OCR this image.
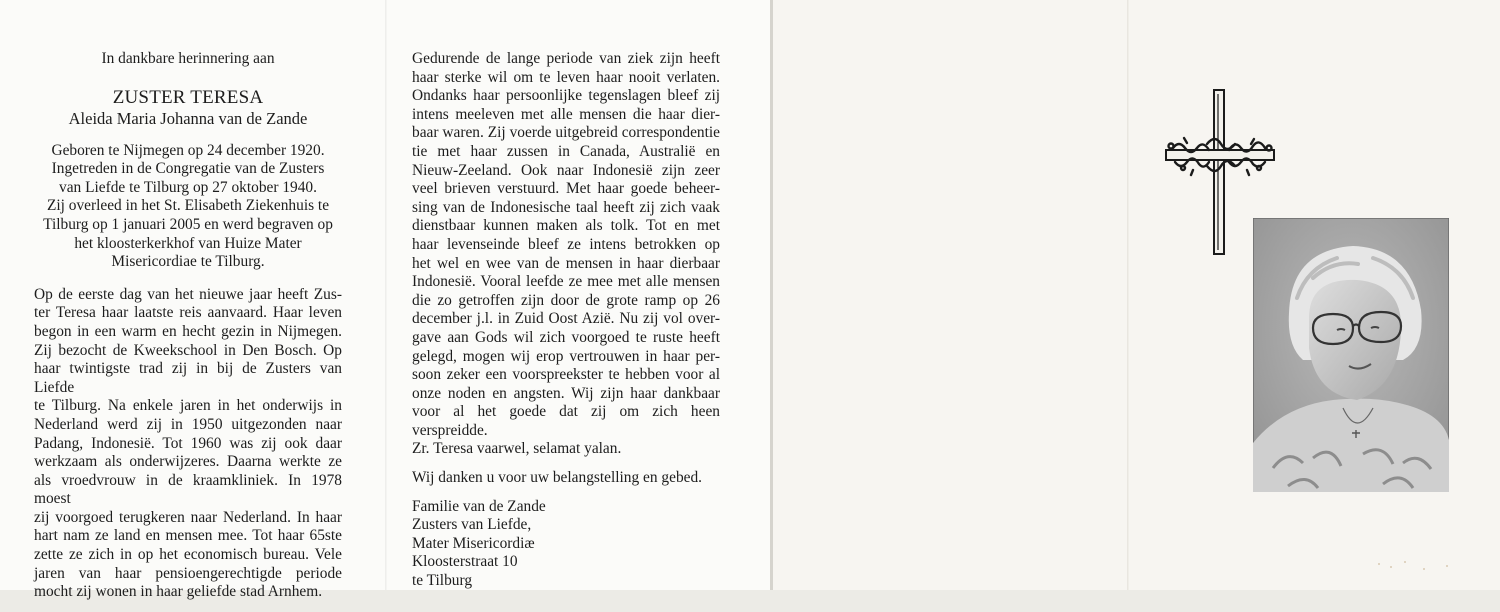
In dankbare herinnering aan
ZUSTER TERESA
Aleida Maria Johanna van de Zande
Geboren te Nijmegen op 24 december 1920.
Ingetreden in de Congregatie van de Zusters
van Liefde te Tilburg op 27 oktober 1940.
Zij overleed in het St. Elisabeth Ziekenhuis te
Tilburg op 1 januari 2005 en werd begraven op
het kloosterkerkhof van Huize Mater
Misericordiae te Tilburg.
Op de eerste dag van het nieuwe jaar heeft Zus-
ter Teresa haar laatste reis aanvaard. Haar leven
begon in een warm en hecht gezin in Nijmegen.
Zij bezocht de Kweekschool in Den Bosch. Op
haar twintigste trad zij in bij de Zusters van Liefde
te Tilburg. Na enkele jaren in het onderwijs in
Nederland werd zij in 1950 uitgezonden naar
Padang, Indonesië. Tot 1960 was zij ook daar
werkzaam als onderwijzeres. Daarna werkte ze
als vroedvrouw in de kraamkliniek. In 1978 moest
zij voorgoed terugkeren naar Nederland. In haar
hart nam ze land en mensen mee. Tot haar 65ste
zette ze zich in op het economisch bureau. Vele
jaren van haar pensioengerechtigde periode
mocht zij wonen in haar geliefde stad Arnhem.
Gedurende de lange periode van ziek zijn heeft
haar sterke wil om te leven haar nooit verlaten.
Ondanks haar persoonlijke tegenslagen bleef zij
intens meeleven met alle mensen die haar dier-
baar waren. Zij voerde uitgebreid correspondentie
tie met haar zussen in Canada, Australië en
Nieuw-Zeeland. Ook naar Indonesië zijn zeer
veel brieven verstuurd. Met haar goede beheer-
sing van de Indonesische taal heeft zij zich vaak
dienstbaar kunnen maken als tolk. Tot en met
haar levenseinde bleef ze intens betrokken op
het wel en wee van de mensen in haar dierbaar
Indonesië. Vooral leefde ze mee met alle mensen
die zo getroffen zijn door de grote ramp op 26
december j.l. in Zuid Oost Azië. Nu zij vol over-
gave aan Gods wil zich voorgoed te ruste heeft
gelegd, mogen wij erop vertrouwen in haar per-
soon zeker een voorspreekster te hebben voor al
onze noden en angsten. Wij zijn haar dankbaar
voor al het goede dat zij om zich heen verspreidde.
Zr. Teresa vaarwel, selamat yalan.
Wij danken u voor uw belangstelling en gebed.
Familie van de Zande
Zusters van Liefde,
Mater Misericordiæ
Kloosterstraat 10
te Tilburg
